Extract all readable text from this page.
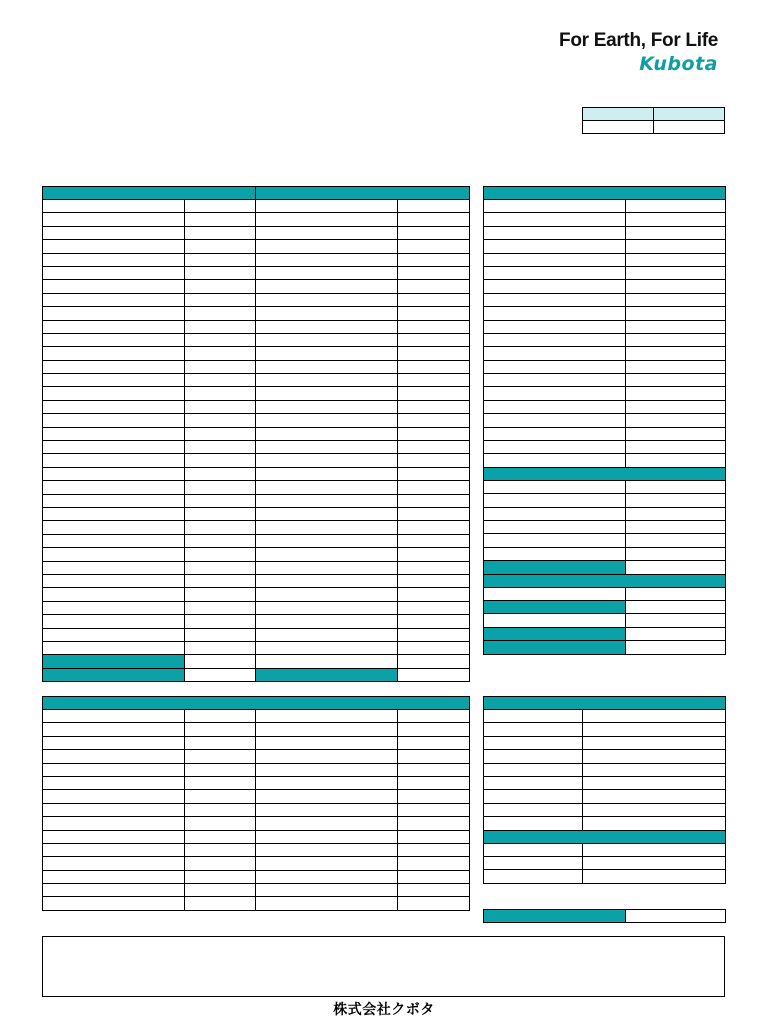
For Earth, For Life
Kubota

株式会社クボタ
